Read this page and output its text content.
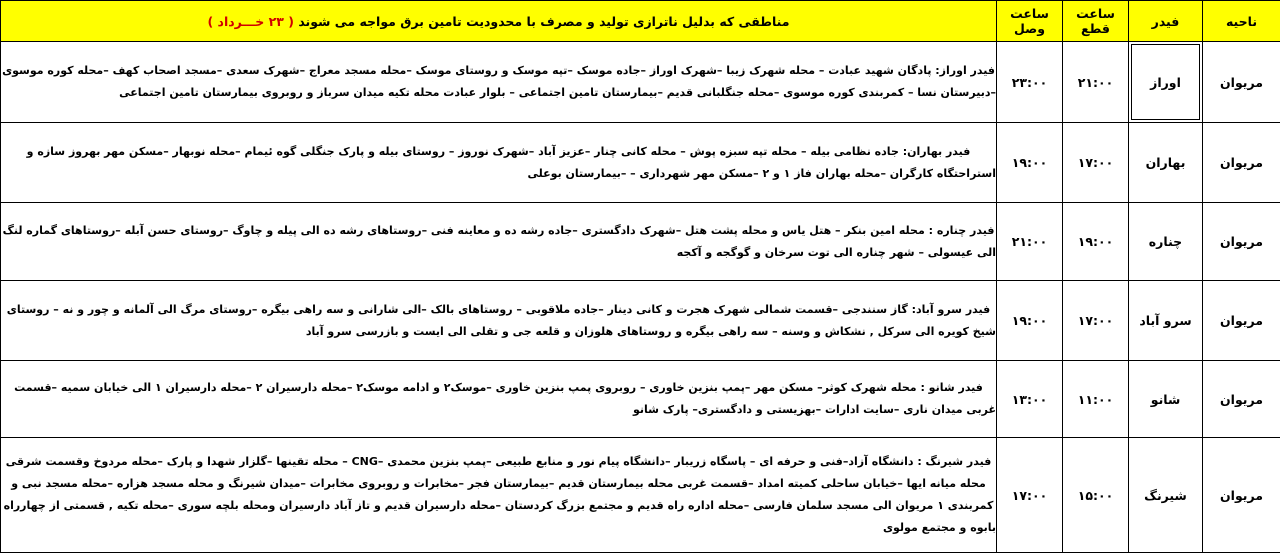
ناحیه	فیدر	ساعت قطع	ساعت وصل	مناطقی که بدلیل ناترازی تولید و مصرف با محدودیت تامین برق مواجه می شوند ( ۲۳ خـــرداد )
مریوان	اوراز	۲۱:۰۰	۲۳:۰۰	فیدر اوراز: پادگان شهید عبادت – محله شهرک زیبا –شهرک اوراز –جاده موسک –تپه موسک و روستای موسک –محله مسجد معراج –شهرک سعدی –مسجد اصحاب کهف –محله کوره موسوی –دبیرستان نسا – کمربندی کوره موسوی –محله جنگلبانی قدیم –بیمارستان تامین اجتماعی – بلوار عبادت محله تکیه میدان سرباز و روبروی بیمارستان تامین اجتماعی
مریوان	بهاران	۱۷:۰۰	۱۹:۰۰	فیدر بهاران: جاده نظامی بیله – محله تپه سبزه پوش – محله کانی چنار –عزیز آباد –شهرک نوروز – روستای بیله و پارک جنگلی گوه ئیمام –محله نوبهار –مسکن مهر بهروز سازه و استراحتگاه کارگران –محله بهاران فاز ۱ و ۲ –مسکن مهر شهرداری – –بیمارستان بوعلی
مریوان	چناره	۱۹:۰۰	۲۱:۰۰	فیدر چناره : محله امین بنکر – هتل یاس و محله پشت هتل –شهرک دادگستری –جاده رشه ده و معاینه فنی –روستاهای رشه ده الی پیله و چاوگ –روستای حسن آبله –روستاهای گماره لنگ الی عیسولی – شهر چناره الی توت سرخان و گوگجه و آکجه
مریوان	سرو آباد	۱۷:۰۰	۱۹:۰۰	فیدر سرو آباد: گاز سنندجی –قسمت شمالی شهرک هجرت و کانی دینار –جاده ملاقوبی – روستاهای بالک –الی شارانی و سه راهی بیگره –روستای مرگ الی آلمانه و چور و نه – روستای شیخ کویره الی سرکل , نشکاش و وسنه – سه راهی بیگره و روستاهای هلوزان و قلعه جی و تقلی الی ایست و بازرسی سرو آباد
مریوان	شانو	۱۱:۰۰	۱۳:۰۰	فیدر شانو : محله شهرک کوثر– مسکن مهر –پمپ بنزین خاوری – روبروی پمپ بنزین خاوری –موسک۲ و ادامه موسک۲ –محله دارسیران ۲ –محله دارسیران ۱ الی خیابان سمیه –قسمت غربی میدان ناری –سایت ادارات –بهزیستی و دادگستری– پارک شانو
مریوان	شیرنگ	۱۵:۰۰	۱۷:۰۰	فیدر شیرنگ : دانشگاه آزاد–فنی و حرفه ای – پاسگاه زریبار –دانشگاه پیام نور و منابع طبیعی –پمپ بنزین محمدی –CNG – محله تقینها –گلزار شهدا و پارک –محله مردوخ وقسمت شرقی محله میانه ایها –خیابان ساحلی کمیته امداد –قسمت غربی محله بیمارستان قدیم –بیمارستان فجر –مخابرات و روبروی مخابرات –میدان شیرنگ و محله مسجد هزاره –محله مسجد نبی و کمربندی ۱ مریوان الی مسجد سلمان فارسی –محله اداره راه قدیم و مجتمع بزرگ کردستان –محله دارسیران قدیم و تاز آباد دارسیران ومحله بلچه سوری –محله تکیه , قسمتی از چهارراه بابوه و مجتمع مولوی
